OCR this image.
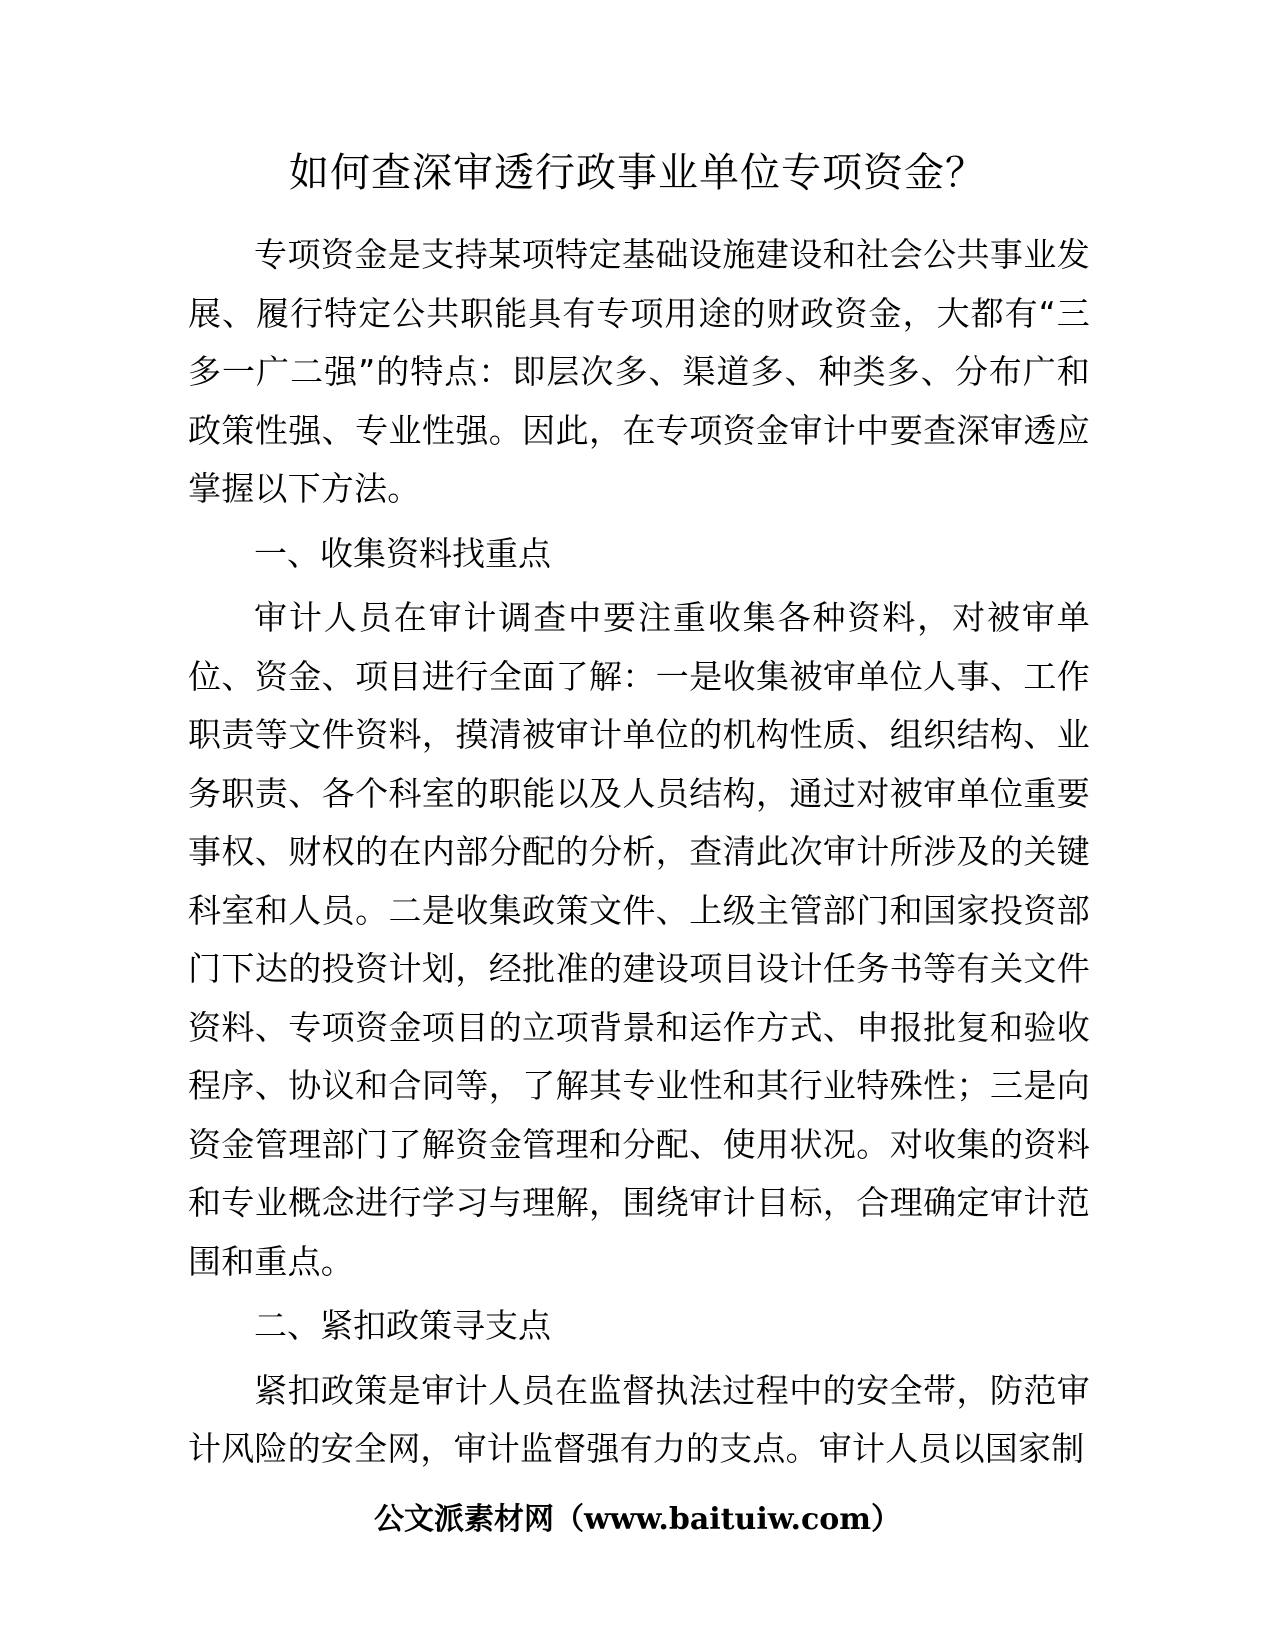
如何查深审透行政事业单位专项资金？

专项资金是支持某项特定基础设施建设和社会公共事业发展、履行特定公共职能具有专项用途的财政资金，大都有“三多一广二强”的特点：即层次多、渠道多、种类多、分布广和政策性强、专业性强。因此，在专项资金审计中要查深审透应掌握以下方法。

一、收集资料找重点

审计人员在审计调查中要注重收集各种资料，对被审单位、资金、项目进行全面了解：一是收集被审单位人事、工作职责等文件资料，摸清被审计单位的机构性质、组织结构、业务职责、各个科室的职能以及人员结构，通过对被审单位重要事权、财权的在内部分配的分析，查清此次审计所涉及的关键科室和人员。二是收集政策文件、上级主管部门和国家投资部门下达的投资计划，经批准的建设项目设计任务书等有关文件资料、专项资金项目的立项背景和运作方式、申报批复和验收程序、协议和合同等，了解其专业性和其行业特殊性；三是向资金管理部门了解资金管理和分配、使用状况。对收集的资料和专业概念进行学习与理解，围绕审计目标，合理确定审计范围和重点。

二、紧扣政策寻支点

紧扣政策是审计人员在监督执法过程中的安全带，防范审计风险的安全网，审计监督强有力的支点。审计人员以国家制

公文派素材网（www.baituiw.com）
